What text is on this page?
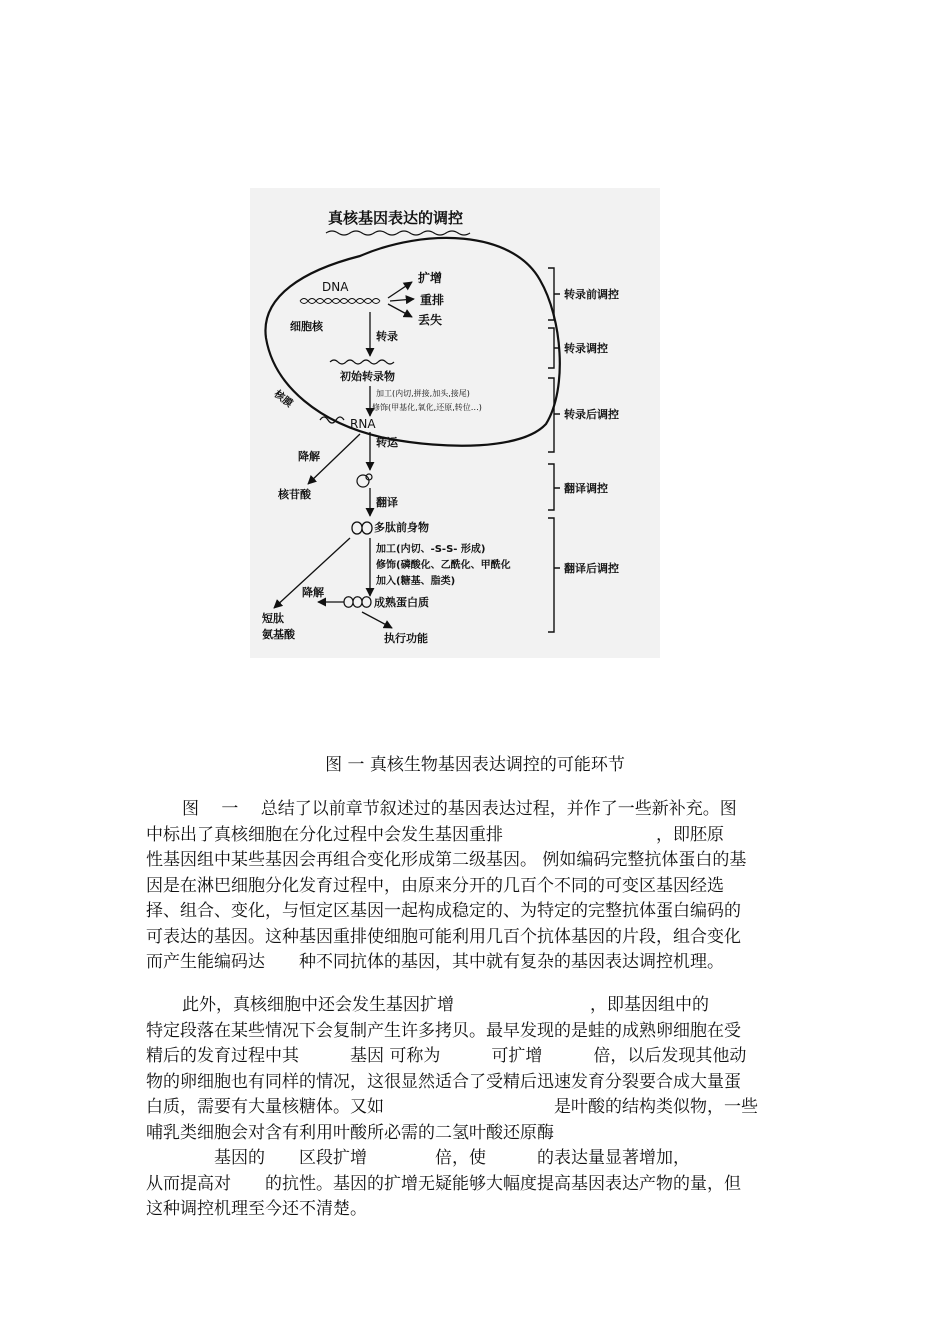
真核基因表达的调控
DNA
扩增
重排
丢失
细胞核
转录
初始转录物
加工(内切,拼接,加头,接尾)
修饰(甲基化,氧化,还原,转位…)
RNA
核膜
转运
降解
核苷酸
翻译
多肽前身物
加工(内切、-S-S- 形成)
修饰(磷酸化、乙酰化、甲酰化
加入(糖基、脂类)
成熟蛋白质
降解
短肽
氨基酸	执行功能
转录前调控
转录调控
转录后调控
翻译调控
翻译后调控
图 一 真核生物基因表达调控的可能环节
图　 一　 总结了以前章节叙述过的基因表达过程，并作了一些新补充。图
中标出了真核细胞在分化过程中会发生基因重排　　　　　　　　　，即胚原
性基因组中某些基因会再组合变化形成第二级基因。 例如编码完整抗体蛋白的基
因是在淋巴细胞分化发育过程中，由原来分开的几百个不同的可变区基因经选
择、组合、变化，与恒定区基因一起构成稳定的、为特定的完整抗体蛋白编码的
可表达的基因。这种基因重排使细胞可能利用几百个抗体基因的片段，组合变化
而产生能编码达　　种不同抗体的基因，其中就有复杂的基因表达调控机理。
此外，真核细胞中还会发生基因扩增　　　　　　　　，即基因组中的
特定段落在某些情况下会复制产生许多拷贝。最早发现的是蛙的成熟卵细胞在受
精后的发育过程中其　　　基因 可称为　　　可扩增　　　倍，以后发现其他动
物的卵细胞也有同样的情况，这很显然适合了受精后迅速发育分裂要合成大量蛋
白质，需要有大量核糖体。又如　　　　　　　　　　是叶酸的结构类似物，一些
哺乳类细胞会对含有利用叶酸所必需的二氢叶酸还原酶
　　　　基因的　　区段扩增　　　　倍，使　　　的表达量显著增加，
从而提高对　　的抗性。基因的扩增无疑能够大幅度提高基因表达产物的量，但
这种调控机理至今还不清楚。
